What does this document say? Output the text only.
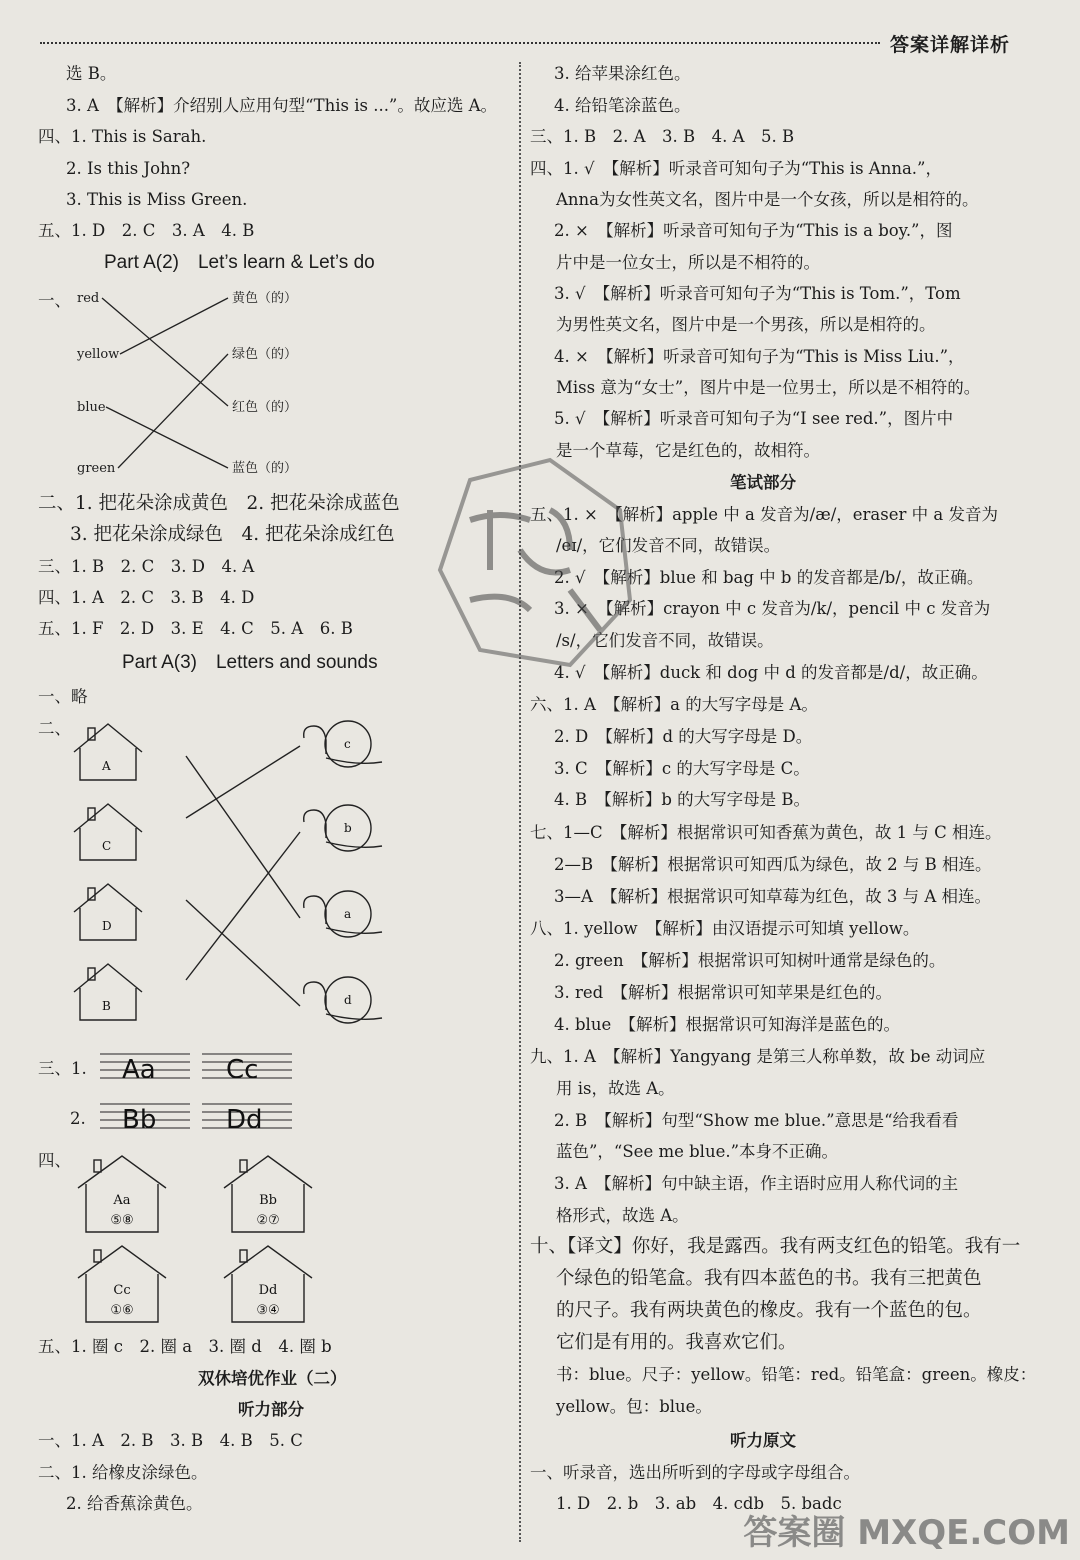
答案详解详析
选 B。
3. A　【解析】介绍别人应用句型“This is ...”。故应选 A。
四、1. This is Sarah.
2. Is this John?
3. This is Miss Green.
五、1. D　2. C　3. A　4. B
Part A(2)　Let’s learn & Let’s do
一、 red
yellow
blue
green
黄色（的）
绿色（的）
红色（的）
蓝色（的）
二、1. 把花朵涂成黄色　2. 把花朵涂成蓝色
3. 把花朵涂成绿色　4. 把花朵涂成红色
三、1. B　2. C　3. D　4. A
四、1. A　2. C　3. B　4. D
五、1. F　2. D　3. E　4. C　5. A　6. B
Part A(3)　Letters and sounds
一、略
二、
A
C
D
B
c
b
a
d
三、1.
2.
Aa	Cc
Bb	Dd
四、
Aa
⑤⑧
Bb
②⑦
Cc
①⑥
Dd
③④
五、1. 圈 c　2. 圈 a　3. 圈 d　4. 圈 b
双休培优作业（二）
听力部分
一、1. A　2. B　3. B　4. B　5. C
二、1. 给橡皮涂绿色。
2. 给香蕉涂黄色。
3. 给苹果涂红色。
4. 给铅笔涂蓝色。
三、1. B　2. A　3. B　4. A　5. B
四、1. √　【解析】听录音可知句子为“This is Anna.”，
Anna为女性英文名，图片中是一个女孩，所以是相符的。
2. ×　【解析】听录音可知句子为“This is a boy.”，图
片中是一位女士，所以是不相符的。
3. √　【解析】听录音可知句子为“This is Tom.”，Tom
为男性英文名，图片中是一个男孩，所以是相符的。
4. ×　【解析】听录音可知句子为“This is Miss Liu.”，
Miss 意为“女士”，图片中是一位男士，所以是不相符的。
5. √　【解析】听录音可知句子为“I see red.”，图片中
是一个草莓，它是红色的，故相符。
笔试部分
五、1. ×　【解析】apple 中 a 发音为/æ/，eraser 中 a 发音为
/eɪ/，它们发音不同，故错误。
2. √　【解析】blue 和 bag 中 b 的发音都是/b/，故正确。
3. ×　【解析】crayon 中 c 发音为/k/，pencil 中 c 发音为
/s/，它们发音不同，故错误。
4. √　【解析】duck 和 dog 中 d 的发音都是/d/，故正确。
六、1. A　【解析】a 的大写字母是 A。
2. D　【解析】d 的大写字母是 D。
3. C　【解析】c 的大写字母是 C。
4. B　【解析】b 的大写字母是 B。
七、1—C　【解析】根据常识可知香蕉为黄色，故 1 与 C 相连。
2—B　【解析】根据常识可知西瓜为绿色，故 2 与 B 相连。
3—A　【解析】根据常识可知草莓为红色，故 3 与 A 相连。
八、1. yellow　【解析】由汉语提示可知填 yellow。
2. green　【解析】根据常识可知树叶通常是绿色的。
3. red　【解析】根据常识可知苹果是红色的。
4. blue　【解析】根据常识可知海洋是蓝色的。
九、1. A　【解析】Yangyang 是第三人称单数，故 be 动词应
用 is，故选 A。
2. B　【解析】句型“Show me blue.”意思是“给我看看
蓝色”，“See me blue.”本身不正确。
3. A　【解析】句中缺主语，作主语时应用人称代词的主
格形式，故选 A。
十、【译文】你好，我是露西。我有两支红色的铅笔。我有一
个绿色的铅笔盒。我有四本蓝色的书。我有三把黄色
的尺子。我有两块黄色的橡皮。我有一个蓝色的包。
它们是有用的。我喜欢它们。
书：blue。尺子：yellow。铅笔：red。铅笔盒：green。橡皮：
yellow。包：blue。
听力原文
一、听录音，选出所听到的字母或字母组合。
1. D　2. b　3. ab　4. cdb　5. badc
答案圈 MXQE.COM
